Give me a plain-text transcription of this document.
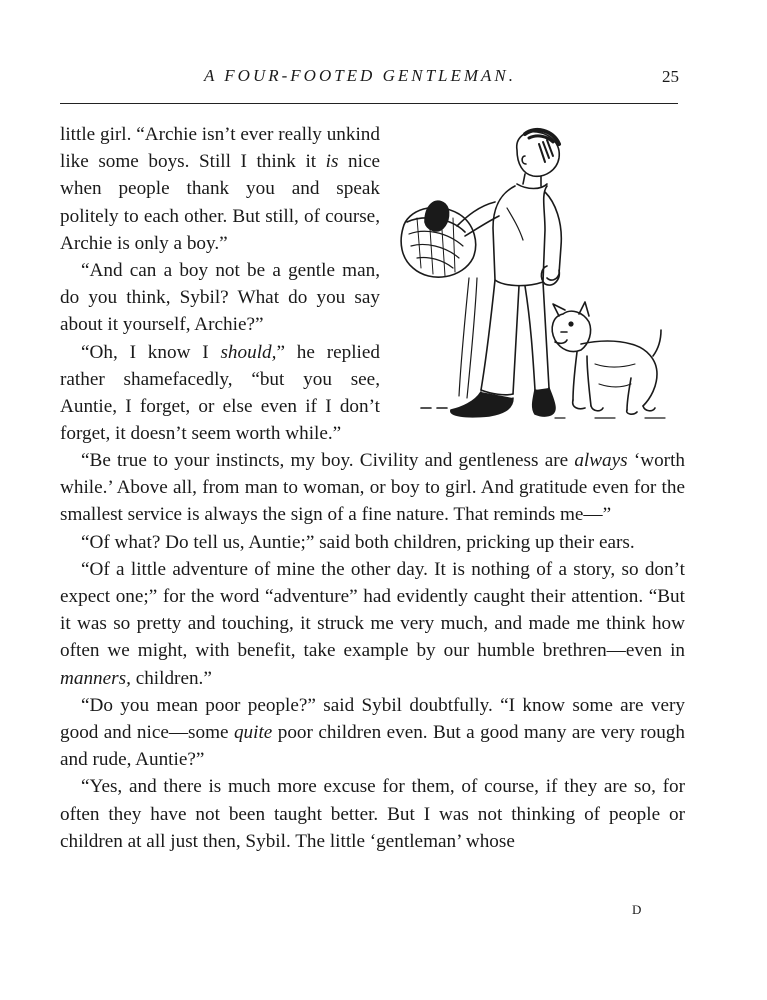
A FOUR-FOOTED GENTLEMAN.	25

little girl. “Archie isn’t ever really unkind like some boys. Still I think it is nice when people thank you and speak politely to each other. But still, of course, Archie is only a boy.”

“And can a boy not be a gentle man, do you think, Sybil? What do you say about it yourself, Archie?”

“Oh, I know I should,” he replied rather shamefacedly, “but you see, Auntie, I forget, or else even if I don’t forget, it doesn’t seem worth while.”

“Be true to your instincts, my boy. Civility and gentleness are always ‘worth while.’ Above all, from man to woman, or boy to girl. And gratitude even for the smallest service is always the sign of a fine nature. That reminds me—”

“Of what? Do tell us, Auntie;” said both children, pricking up their ears.

“Of a little adventure of mine the other day. It is nothing of a story, so don’t expect one;” for the word “adventure” had evidently caught their attention. “But it was so pretty and touching, it struck me very much, and made me think how often we might, with benefit, take example by our humble brethren—even in manners, children.”

“Do you mean poor people?” said Sybil doubtfully. “I know some are very good and nice—some quite poor children even. But a good many are very rough and rude, Auntie?”

“Yes, and there is much more excuse for them, of course, if they are so, for often they have not been taught better. But I was not thinking of people or children at all just then, Sybil. The little ‘gentleman’ whose

D
